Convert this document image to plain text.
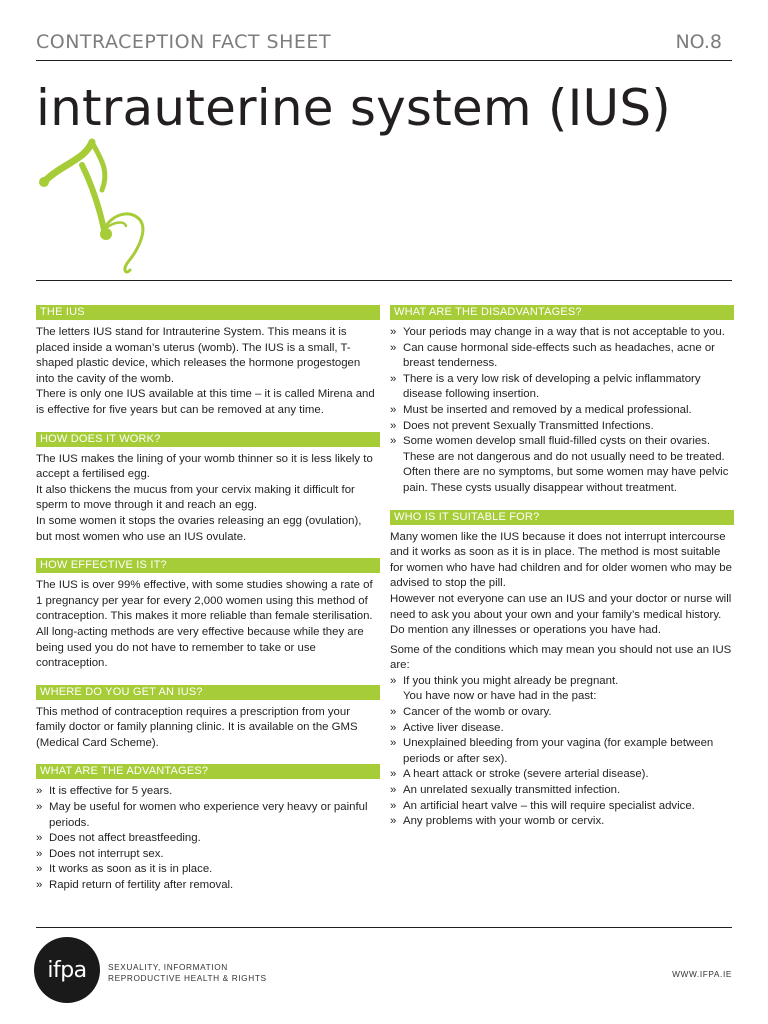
CONTRACEPTION FACT SHEET	NO.8
intrauterine system (IUS)
THE IUS

The letters IUS stand for Intrauterine System. This means it is placed inside a woman’s uterus (womb). The IUS is a small, T-shaped plastic device, which releases the hormone progestogen into the cavity of the womb.

There is only one IUS available at this time – it is called Mirena and is effective for five years but can be removed at any time.

HOW DOES IT WORK?

The IUS makes the lining of your womb thinner so it is less likely to accept a fertilised egg.

It also thickens the mucus from your cervix making it difficult for sperm to move through it and reach an egg.

In some women it stops the ovaries releasing an egg (ovulation), but most women who use an IUS ovulate.

HOW EFFECTIVE IS IT?

The IUS is over 99% effective, with some studies showing a rate of 1 pregnancy per year for every 2,000 women using this method of contraception. This makes it more reliable than female sterilisation.

All long-acting methods are very effective because while they are being used you do not have to remember to take or use contraception.

WHERE DO YOU GET AN IUS?

This method of contraception requires a prescription from your family doctor or family planning clinic. It is available on the GMS (Medical Card Scheme).

WHAT ARE THE ADVANTAGES?
» It is effective for 5 years.
» May be useful for women who experience very heavy or painful periods.
» Does not affect breastfeeding.
» Does not interrupt sex.
» It works as soon as it is in place.
» Rapid return of fertility after removal.
WHAT ARE THE DISADVANTAGES?
» Your periods may change in a way that is not acceptable to you.
» Can cause hormonal side-effects such as headaches, acne or breast tenderness.
» There is a very low risk of developing a pelvic inflammatory disease following insertion.
» Must be inserted and removed by a medical professional.
» Does not prevent Sexually Transmitted Infections.
» Some women develop small fluid-filled cysts on their ovaries. These are not dangerous and do not usually need to be treated. Often there are no symptoms, but some women may have pelvic pain. These cysts usually disappear without treatment.
WHO IS IT SUITABLE FOR?

Many women like the IUS because it does not interrupt intercourse and it works as soon as it is in place. The method is most suitable for women who have had children and for older women who may be advised to stop the pill.

However not everyone can use an IUS and your doctor or nurse will need to ask you about your own and your family’s medical history. Do mention any illnesses or operations you have had.

Some of the conditions which may mean you should not use an IUS are:

» If you think you might already be pregnant.
You have now or have had in the past:
» Cancer of the womb or ovary.
» Active liver disease.
» Unexplained bleeding from your vagina (for example between periods or after sex).
» A heart attack or stroke (severe arterial disease).
» An unrelated sexually transmitted infection.
» An artificial heart valve – this will require specialist advice.
» Any problems with your womb or cervix.
ifpa	SEXUALITY, INFORMATION
REPRODUCTIVE HEALTH & RIGHTS	WWW.IFPA.IE
